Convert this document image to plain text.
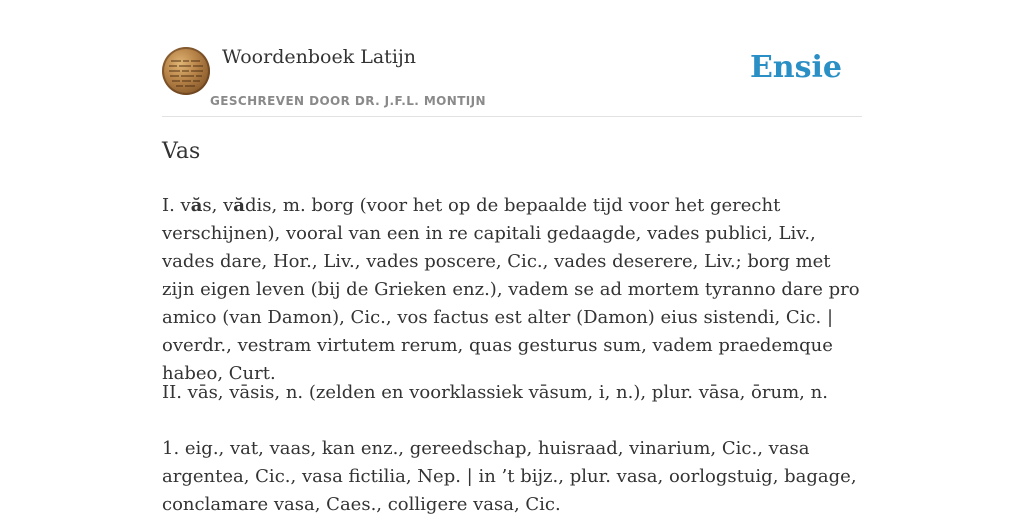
Woordenboek Latijn
GESCHREVEN DOOR DR. J.F.L. MONTIJN
Ensie
Vas

I. văs, vădis, m. borg (voor het op de bepaalde tijd voor het gerecht verschijnen), vooral van een in re capitali gedaagde, vades publici, Liv., vades dare, Hor., Liv., vades poscere, Cic., vades deserere, Liv.; borg met zijn eigen leven (bij de Grieken enz.), vadem se ad mortem tyranno dare pro amico (van Damon), Cic., vos factus est alter (Damon) eius sistendi, Cic. | overdr., vestram virtutem rerum, quas gesturus sum, vadem praedemque habeo, Curt.

II. vās, vāsis, n. (zelden en voorklassiek vāsum, i, n.), plur. vāsa, ōrum, n.

1. eig., vat, vaas, kan enz., gereedschap, huisraad, vinarium, Cic., vasa argentea, Cic., vasa fictilia, Nep. | in ’t bijz., plur. vasa, oorlogstuig, bagage, conclamare vasa, Caes., colligere vasa, Cic.
